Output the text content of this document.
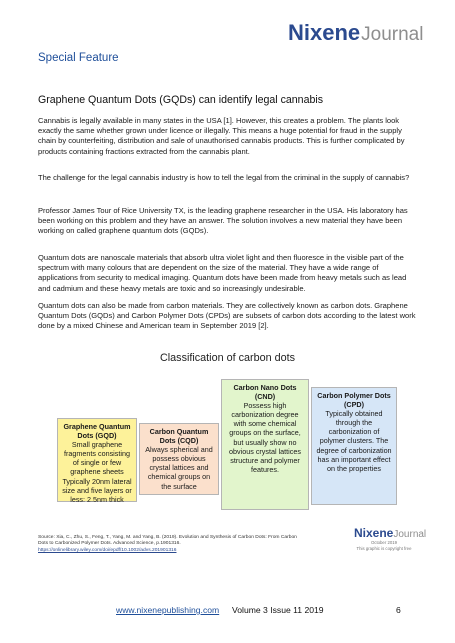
NixeneJournal
Special Feature
Graphene Quantum Dots (GQDs) can identify legal cannabis

Cannabis is legally available in many states in the USA [1]. However, this creates a problem. The plants look exactly the same whether grown under licence or illegally. This means a huge potential for fraud in the supply chain by counterfeiting, distribution and sale of unauthorised cannabis products. This is further complicated by products containing fractions extracted from the cannabis plant.

The challenge for the legal cannabis industry is how to tell the legal from the criminal in the supply of cannabis?

Professor James Tour of Rice University TX, is the leading graphene researcher in the USA. His laboratory has been working on this problem and they have an answer. The solution involves a new material they have been working on called graphene quantum dots (GQDs).

Quantum dots are nanoscale materials that absorb ultra violet light and then fluoresce in the visible part of the spectrum with many colours that are dependent on the size of the material. They have a wide range of applications from security to medical imaging. Quantum dots have been made from heavy metals such as lead and cadmium and these heavy metals are toxic and so increasingly undesirable.

Quantum dots can also be made from carbon materials. They are collectively known as carbon dots. Graphene Quantum Dots (GQDs) and Carbon Polymer Dots (CPDs) are subsets of carbon dots according to the latest work done by a mixed Chinese and American team in September 2019 [2].

Classification of carbon dots
Graphene Quantum Dots (GQD)
Small graphene fragments consisting of single or few graphene sheets Typically 20nm lateral size and five layers or less: 2.5nm thick
Carbon Quantum Dots (CQD)
Always spherical and possess obvious crystal lattices and chemical groups on the surface
Carbon Nano Dots (CND)
Possess high carbonization degree with some chemical groups on the surface, but usually show no obvious crystal lattices structure and polymer features.
Carbon Polymer Dots (CPD)
Typically obtained through the carbonization of polymer clusters. The degree of carbonization has an important effect on the properties

Source: Xia, C., Zhu, S., Feng, T., Yang, M. and Yang, B. (2019). Evolution and Synthesis of Carbon Dots: From Carbon Dots to Carbonized Polymer Dots. Advanced Science, p.1901316.
https://onlinelibrary.wiley.com/doi/epdf/10.1002/advs.201901316

NixeneJournal
October 2019
This graphic is copyright free
www.nixenepublishing.com Volume 3 Issue 11 2019	6
